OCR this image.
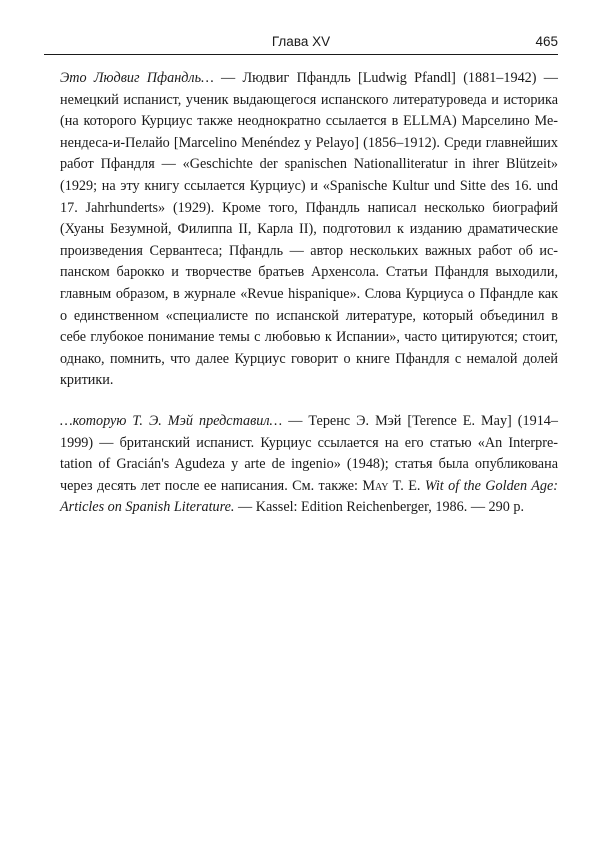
Глава XV	465

Это Людвиг Пфандль… — Людвиг Пфандль [Ludwig Pfandl] (1881–1942) — немецкий испанист, ученик выдающегося испанского литературоведа и историка (на которого Курциус также неоднократно ссылается в ELLMA) Марселино Менендеса-и-Пелайо [Marcelino Menéndez y Pelayo] (1856–1912). Среди главнейших работ Пфандля — «Geschichte der spanischen Nationalliteratur in ihrer Blützeit» (1929; на эту книгу ссылается Курциус) и «Spanische Kultur und Sitte des 16. und 17. Jahrhunderts» (1929). Кроме того, Пфандль написал несколько биографий (Хуаны Безумной, Филиппа II, Карла II), подготовил к изданию драматические произведения Сервантеса; Пфандль — автор нескольких важных работ об испанском барокко и творчестве братьев Архенсола. Статьи Пфандля выходили, главным образом, в журнале «Revue hispanique». Слова Курциуса о Пфандле как о единственном «специалисте по испанской литературе, который объединил в себе глубокое понимание темы с любовью к Испании», часто цитируются; стоит, однако, помнить, что далее Курциус говорит о книге Пфандля с немалой долей критики.

…которую Т. Э. Мэй представил… — Теренс Э. Мэй [Terence E. May] (1914–1999) — британский испанист. Курциус ссылается на его статью «An Interpretation of Gracián's Agudeza y arte de ingenio» (1948); статья была опубликована через десять лет после ее написания. См. также: May T. E. Wit of the Golden Age: Articles on Spanish Literature. — Kassel: Edition Reichenberger, 1986. — 290 p.
